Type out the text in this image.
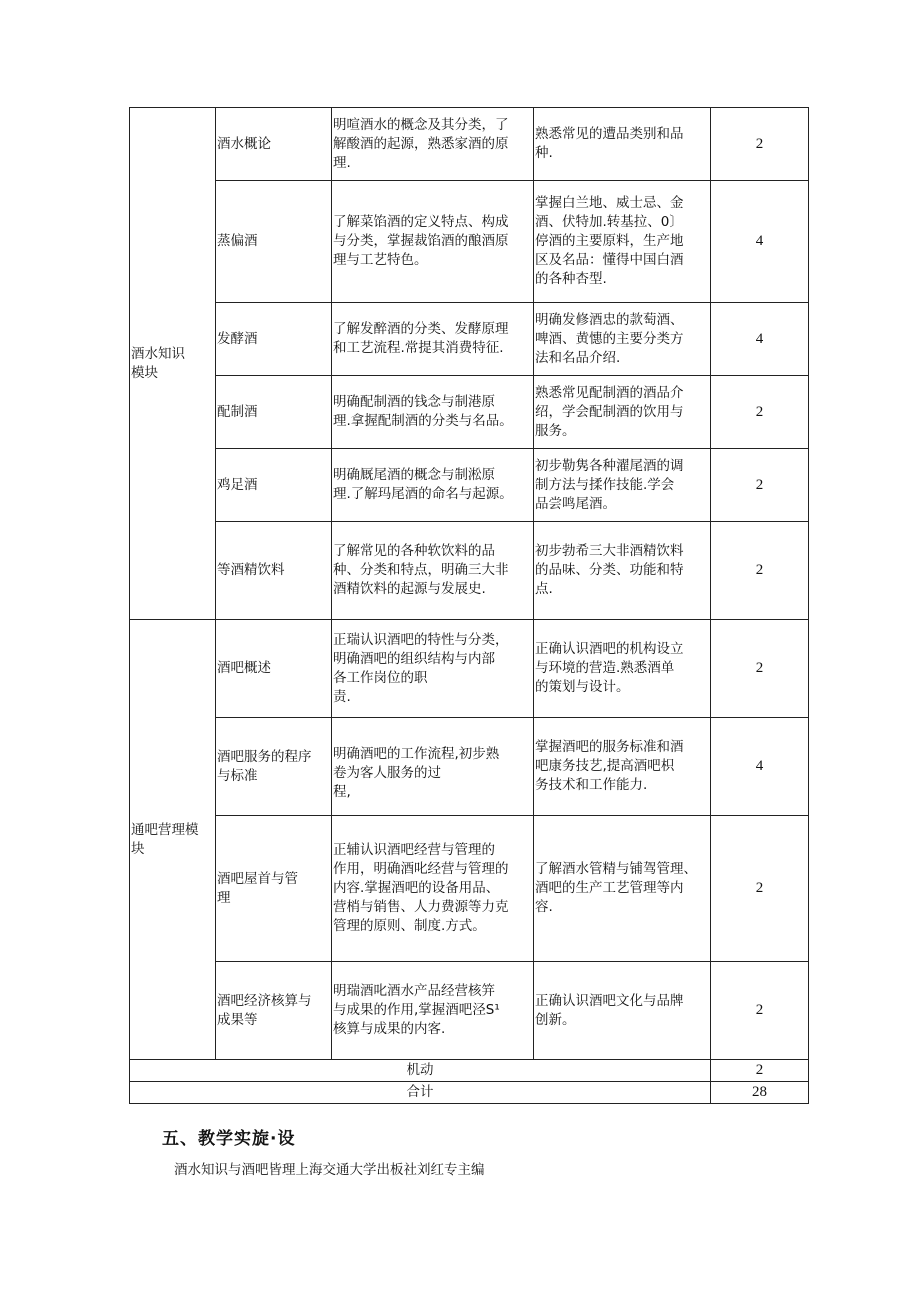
酒水知识
模块	酒水概论	明喧酒水的概念及其分类，了
解酸酒的起源，熟悉家酒的原
理.	熟悉常见的遭品类别和品
种.	2
	蒸偏酒	了解菜馅酒的定义特点、构成
与分类，掌握裁馅酒的酿酒原
理与工艺特色。	掌握白兰地、威士忌、金
酒、伏特加.转基拉、0〕
停酒的主要原料，生产地
区及名品：懂得中国白酒
的各种杏型.	4
	发酵酒	了解发醉酒的分类、发酵原理
和工艺流程.常提其消费特征.	明确发修酒忠的款萄酒、
啤酒、黄憓的主要分类方
法和名品介绍.	4
	配制酒	明确配制酒的钱念与制港原
理.拿握配制酒的分类与名品。	熟悉常见配制酒的酒品介
绍，学会配制酒的饮用与
服务。	2
	鸡足酒	明确厩尾酒的概念与制淞原
理.了解玛尾酒的命名与起源。	初步勒隽各种濯尾酒的调
制方法与揉作技能.学会
品尝鸣尾酒。	2
	等酒精饮料	了解常见的各种软饮料的品
种、分类和特点，明确三大非
酒精饮料的起源与发展史.	初步勃希三大非酒精饮料
的品味、分类、功能和特
点.	2
通吧营理模
块	酒吧概述	正瑞认识酒吧的特性与分类，
明确酒吧的组织结构与内部
各工作岗位的职
责.	正确认识酒吧的机构设立
与环境的营造.熟悉酒单
的策划与设计。	2
	酒吧服务的程序
与标准	明确酒吧的工作流程,初步熟
卷为客人服务的过
程,	掌握酒吧的服务标准和酒
吧康务技艺,提高酒吧枳
务技术和工作能力.	4
	酒吧屋首与管
理	正辅认识酒吧经营与管理的
作用，明确酒叱经营与管理的
内容.掌握酒吧的设备用品、
营梢与销售、人力费源等力克
管理的原则、制度.方式。	了解酒水管精与铺驾管理、
酒吧的生产工艺管理等内
容.	2
	酒吧经济核算与
成果等	明瑞酒叱酒水产品经营核笄
与成果的作用,掌握酒吧泾S¹
核算与成果的内客.	正确认识酒吧文化与品牌
创新。	2
机动				2
合计				28
五、教学实旋·设
酒水知识与酒吧皆理上海交通大学出板社刘红专主编
